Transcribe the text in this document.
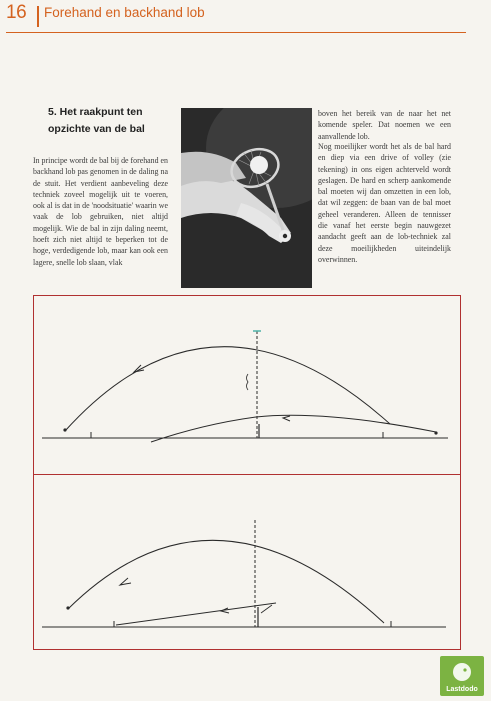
16 Forehand en backhand lob
5. Het raakpunt ten opzichte van de bal
In principe wordt de bal bij de forehand en backhand lob pas genomen in de daling na de stuit. Het verdient aanbeveling deze techniek zoveel mogelijk uit te voeren, ook al is dat in de 'noodsituatie' waarin we vaak de lob gebruiken, niet altijd mogelijk. Wie de bal in zijn daling neemt, hoeft zich niet altijd te beperken tot de hoge, verdedigende lob, maar kan ook een lagere, snelle lob slaan, vlak
boven het bereik van de naar het net komende speler. Dat noemen we een aanvallende lob.
Nog moeilijker wordt het als de bal hard en diep via een drive of volley (zie tekening) in ons eigen achterveld wordt geslagen. De hard en scherp aankomende bal moeten wij dan omzetten in een lob, dat wil zeggen: de baan van de bal moet geheel veranderen. Alleen de tennisser die vanaf het eerste begin nauwgezet aandacht geeft aan de lob-techniek zal deze moeilijkheden uiteindelijk overwinnen.
Lastdodo
